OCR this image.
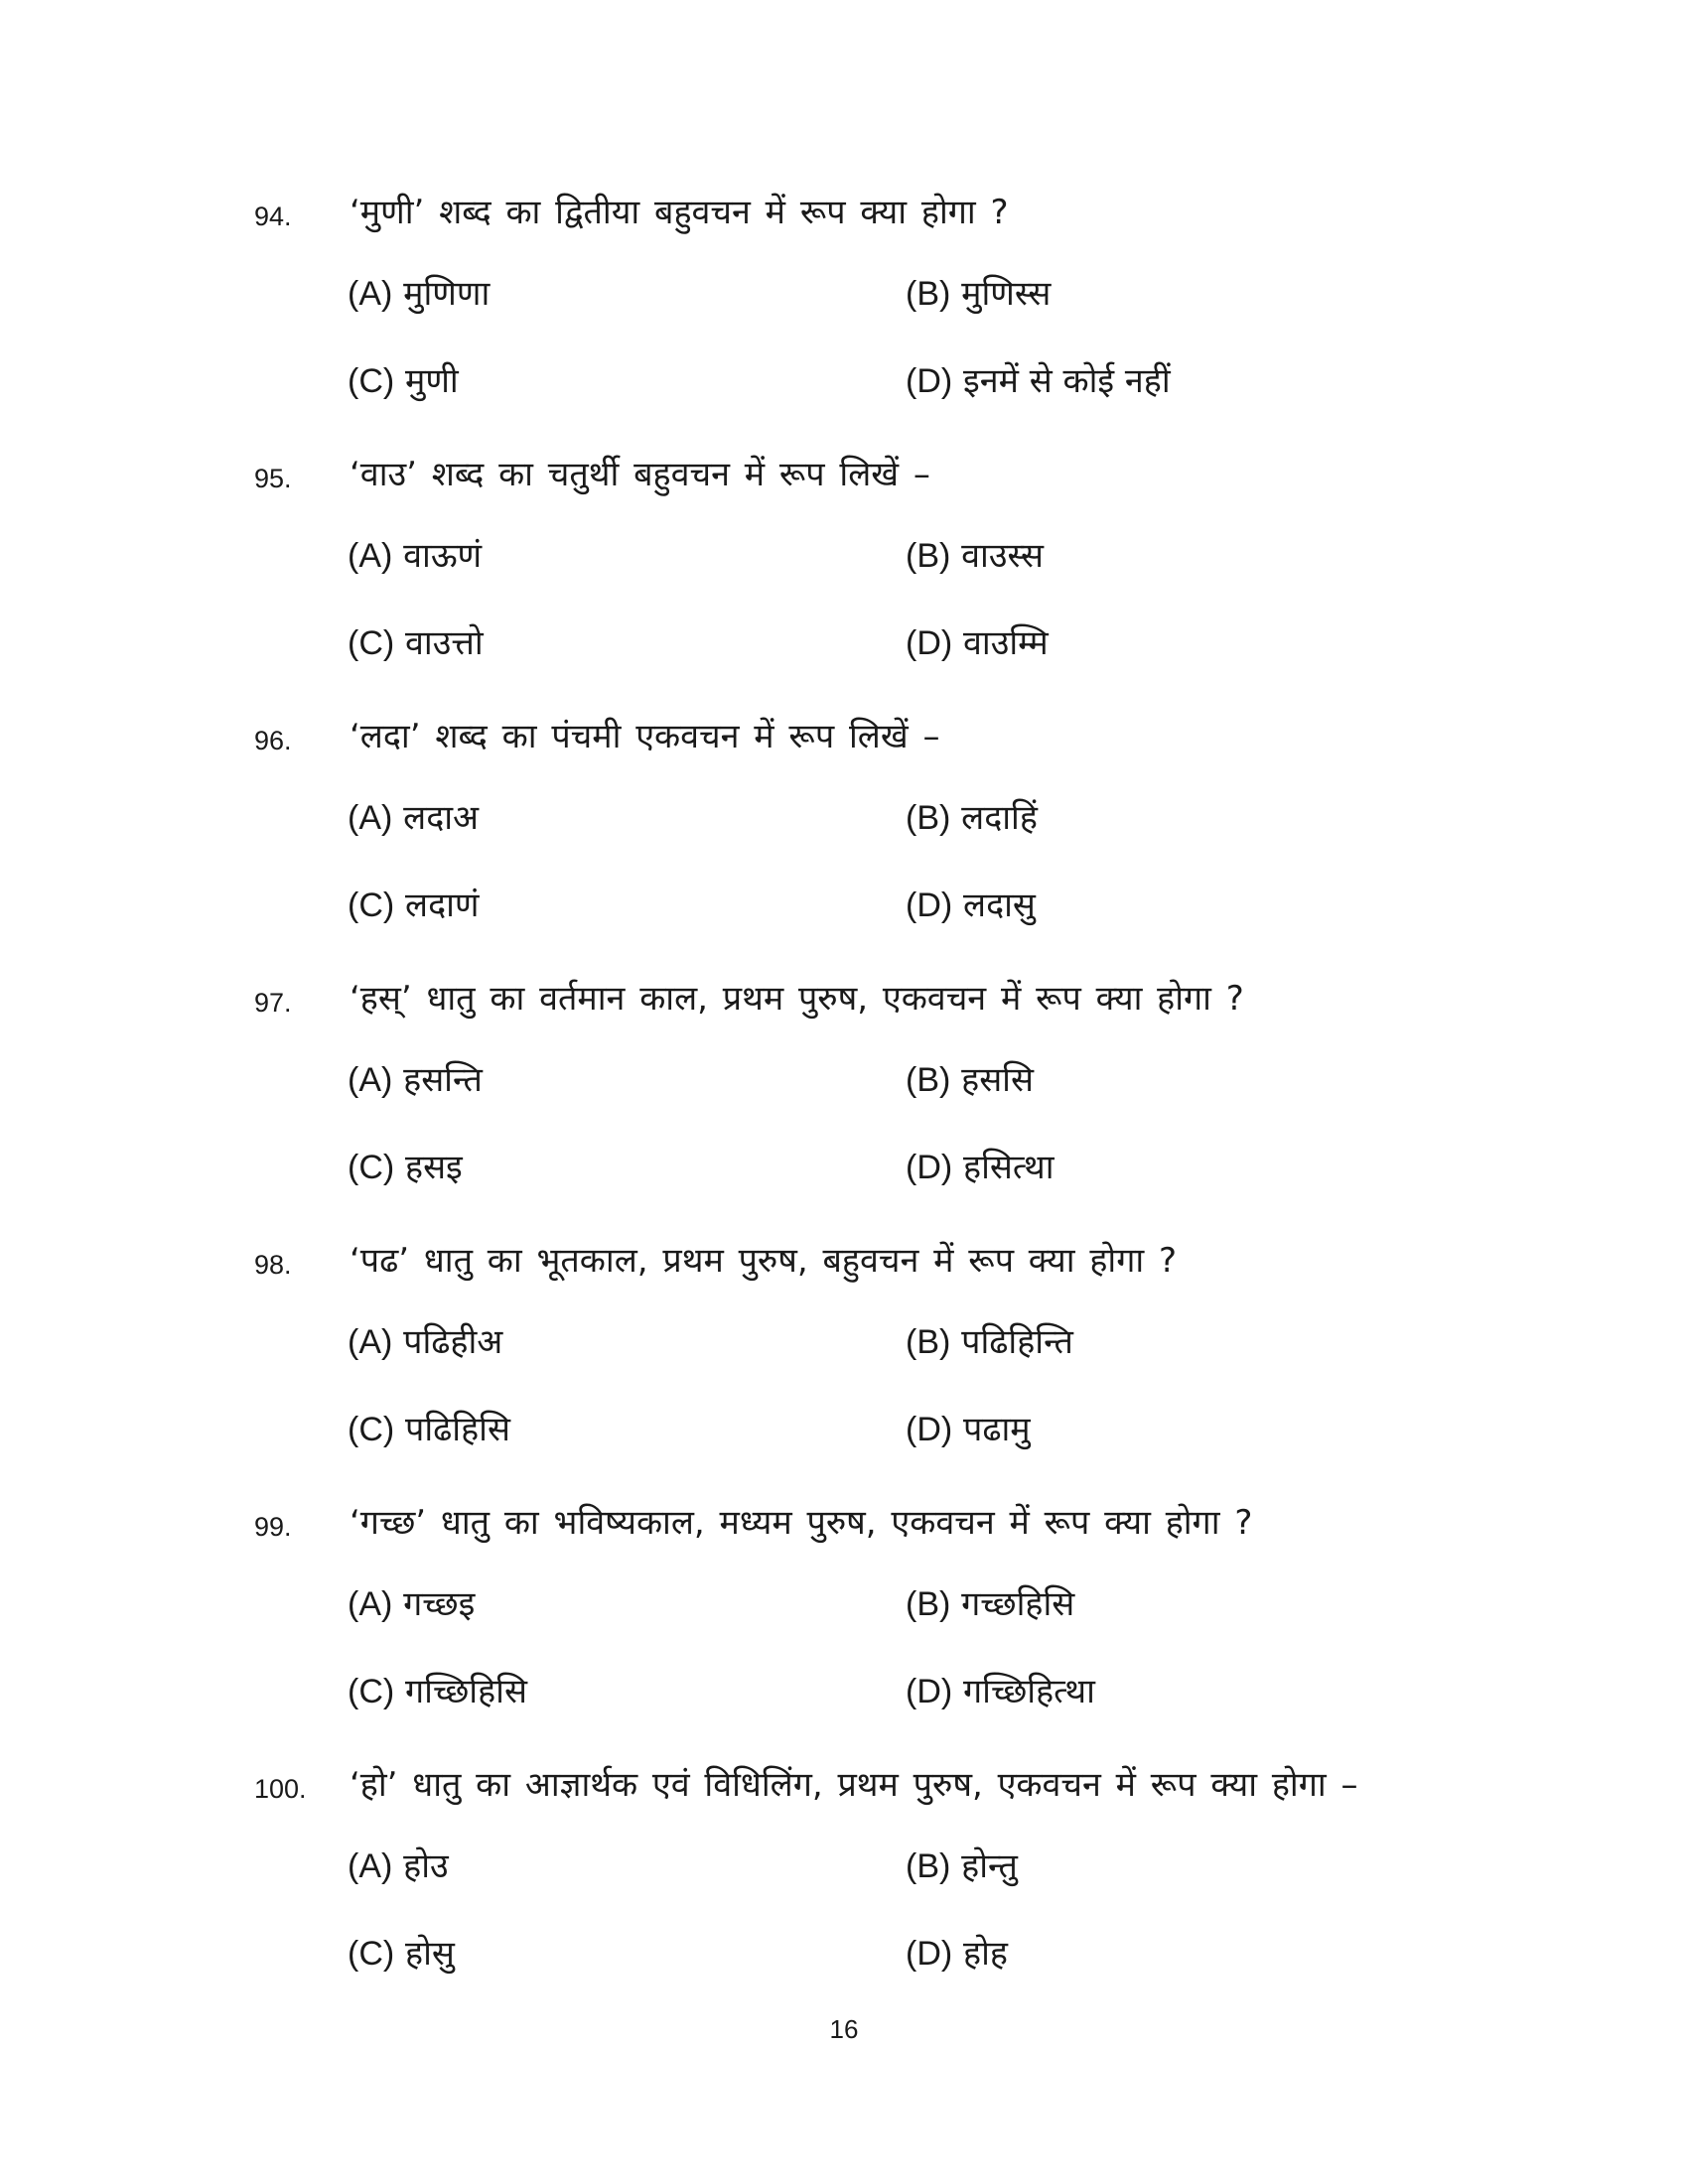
94. ‘मुणी’ शब्द का द्वितीया बहुवचन में रूप क्या होगा ?
(A) मुणिणा	(B) मुणिस्स
(C) मुणी	(D) इनमें से कोई नहीं
95. ‘वाउ’ शब्द का चतुर्थी बहुवचन में रूप लिखें –
(A) वाऊणं	(B) वाउस्स
(C) वाउत्तो	(D) वाउम्मि
96. ‘लदा’ शब्द का पंचमी एकवचन में रूप लिखें –
(A) लदाअ	(B) लदाहिं
(C) लदाणं	(D) लदासु
97. ‘हस्’ धातु का वर्तमान काल, प्रथम पुरुष, एकवचन में रूप क्या होगा ?
(A) हसन्ति	(B) हससि
(C) हसइ	(D) हसित्था
98. ‘पढ’ धातु का भूतकाल, प्रथम पुरुष, बहुवचन में रूप क्या होगा ?
(A) पढिहीअ	(B) पढिहिन्ति
(C) पढिहिसि	(D) पढामु
99. ‘गच्छ’ धातु का भविष्यकाल, मध्यम पुरुष, एकवचन में रूप क्या होगा ?
(A) गच्छइ	(B) गच्छहिसि
(C) गच्छिहिसि	(D) गच्छिहित्था
100. ‘हो’ धातु का आज्ञार्थक एवं विधिलिंग, प्रथम पुरुष, एकवचन में रूप क्या होगा –
(A) होउ	(B) होन्तु
(C) होसु	(D) होह
16
